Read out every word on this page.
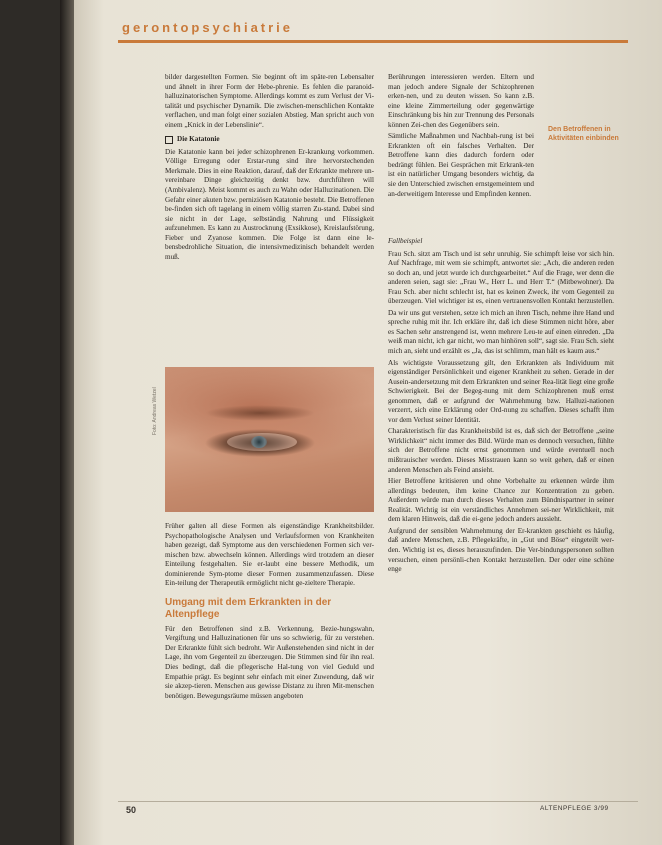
gerontopsychiatrie

bilder dargestellten Formen. Sie beginnt oft im späte-ren Lebensalter und ähnelt in ihrer Form der Hebe-phrenie. Es fehlen die paranoid-halluzinatorischen Symptome. Allerdings kommt es zum Verlust der Vi-talität und psychischer Dynamik. Die zwischen-menschlichen Kontakte verflachen, und man folgt einer sozialen Abstieg. Man spricht auch von einem „Knick in der Lebenslinie“.

Die Katatonie

Die Katatonie kann bei jeder schizophrenen Er-krankung vorkommen. Völlige Erregung oder Erstar-rung sind ihre hervorstechenden Merkmale. Dies in eine Reaktion, darauf, daß der Erkrankte mehrere un-vereinbare Dinge gleichzeitig denkt bzw. durchführen will (Ambivalenz). Meist kommt es auch zu Wahn oder Halluzinationen. Die Gefahr einer akuten bzw. perniziösen Katatonie besteht. Die Betroffenen be-finden sich oft tagelang in einem völlig starren Zu-stand. Dabei sind sie nicht in der Lage, selbständig Nahrung und Flüssigkeit aufzunehmen. Es kann zu Austrocknung (Exsikkose), Kreislaufstörung, Fieber und Zyanose kommen. Die Folge ist dann eine le-bensbedrohliche Situation, die intensivmedizinisch behandelt werden muß.

Foto: Andreas Wetzel

Früher galten all diese Formen als eigenständige Krankheitsbilder. Psychopathologische Analysen und Verlaufsformen von Krankheiten haben gezeigt, daß Symptome aus den verschiedenen Formen sich ver-mischen bzw. abwechseln können. Allerdings wird trotzdem an dieser Einteilung festgehalten. Sie er-laubt eine bessere Methodik, um dominierende Sym-ptome dieser Formen zusammenzufassen. Diese Ein-teilung der Therapeutik ermöglicht nicht ge-zieltere Therapie.

Umgang mit dem Erkrankten in der Altenpflege

Für den Betroffenen sind z.B. Verkennung, Bezie-hungswahn, Vergiftung und Halluzinationen für uns so schwierig, für zu verstehen. Der Erkrankte fühlt sich bedroht. Wir Außenstehenden sind nicht in der Lage, ihn vom Gegenteil zu überzeugen. Die Stimmen sind für ihn real. Dies bedingt, daß die pflegerische Hal-tung von viel Geduld und Empathie prägt. Es beginnt sehr einfach mit einer Zuwendung, daß wir sie akzep-tieren. Menschen aus gewisse Distanz zu ihren Mit-menschen benötigen. Bewegungsräume müssen angeboten

Berührungen interessieren werden. Eltern und man jedoch andere Signale der Schizophrenen erken-nen, und zu deuten wissen. So kann z.B. eine kleine Zimmerteilung oder gegenwärtige Einschränkung bis hin zur Trennung des Personals können Zei-chen des Gegenübers sein.

Sämtliche Maßnahmen und Nachbah-rung ist bei Erkrankten oft ein falsches Verhalten. Der Betroffene kann dies dadurch fordern oder bedrängt fühlen. Bei Gesprächen mit Erkrank-ten ist ein natürlicher Umgang besonders wichtig, da sie den Unterschied zwischen ernstgemeintem und an-derweitigem Interesse und Empfinden kennen.

Den Betroffenen in Aktivitäten einbinden
Fallbeispiel

Frau Sch. sitzt am Tisch und ist sehr unruhig. Sie schimpft leise vor sich hin. Auf Nachfrage, mit wem sie schimpft, antwortet sie: „Ach, die anderen reden so doch an, und jetzt wurde ich durchgearbeitet.“ Auf die Frage, wer denn die anderen seien, sagt sie: „Frau W., Herr L. und Herr T.“ (Mitbewohner). Da Frau Sch. aber nicht schlecht ist, hat es keinen Zweck, ihr vom Gegenteil zu überzeugen. Viel wichtiger ist es, einen vertrauensvollen Kontakt herzustellen.

Da wir uns gut verstehen, setze ich mich an ihren Tisch, nehme ihre Hand und spreche ruhig mit ihr. Ich erkläre ihr, daß ich diese Stimmen nicht höre, aber es Sachen sehr anstrengend ist, wenn mehrere Leu-te auf einen einreden. „Da weiß man nicht, ich gar nicht, wo man hinhören soll“, sagt sie. Frau Sch. sieht mich an, sieht und erzählt es „Ja, das ist schlimm, man hält es kaum aus.“

Als wichtigste Voraussetzung gilt, den Erkrankten als Individuum mit eigenständiger Persönlichkeit und eigener Krankheit zu sehen. Gerade in der Ausein-andersetzung mit dem Erkrankten und seiner Rea-lität liegt eine große Schwierigkeit. Bei der Begeg-nung mit dem Schizophrenen muß ernst genommen, daß er aufgrund der Wahrnehmung bzw. Halluzi-nationen verzerrt, sich eine Erklärung oder Ord-nung zu schaffen. Dieses schafft ihm vor dem Verlust seiner Identität.

Charakteristisch für das Krankheitsbild ist es, daß sich der Betroffene „seine Wirklichkeit“ nicht immer des Bild. Würde man es dennoch versuchen, fühlte sich der Betroffene nicht ernst genommen und würde eventuell noch mißtrauischer werden. Dieses Misstrauen kann so weit gehen, daß er einen anderen Menschen als Feind ansieht.

Hier Betroffene kritisieren und ohne Vorbehalte zu erkennen würde ihm allerdings bedeuten, ihm keine Chance zur Konzentration zu geben. Außerdem würde man durch dieses Verhalten zum Bündnispartner in seiner Realität. Wichtig ist ein verständliches Annehmen sei-ner Wirklichkeit, mit dem klaren Hinweis, daß die ei-gene jedoch anders aussieht.

Aufgrund der sensiblen Wahrnehmung der Er-krankten geschieht es häufig, daß andere Menschen, z.B. Pflegekräfte, in „Gut und Böse“ eingeteilt wer-den. Wichtig ist es, dieses herauszufinden. Die Ver-bindungspersonen sollten versuchen, einen persönli-chen Kontakt herzustellen. Der oder eine schöne enge

50	ALTENPFLEGE 3/99
